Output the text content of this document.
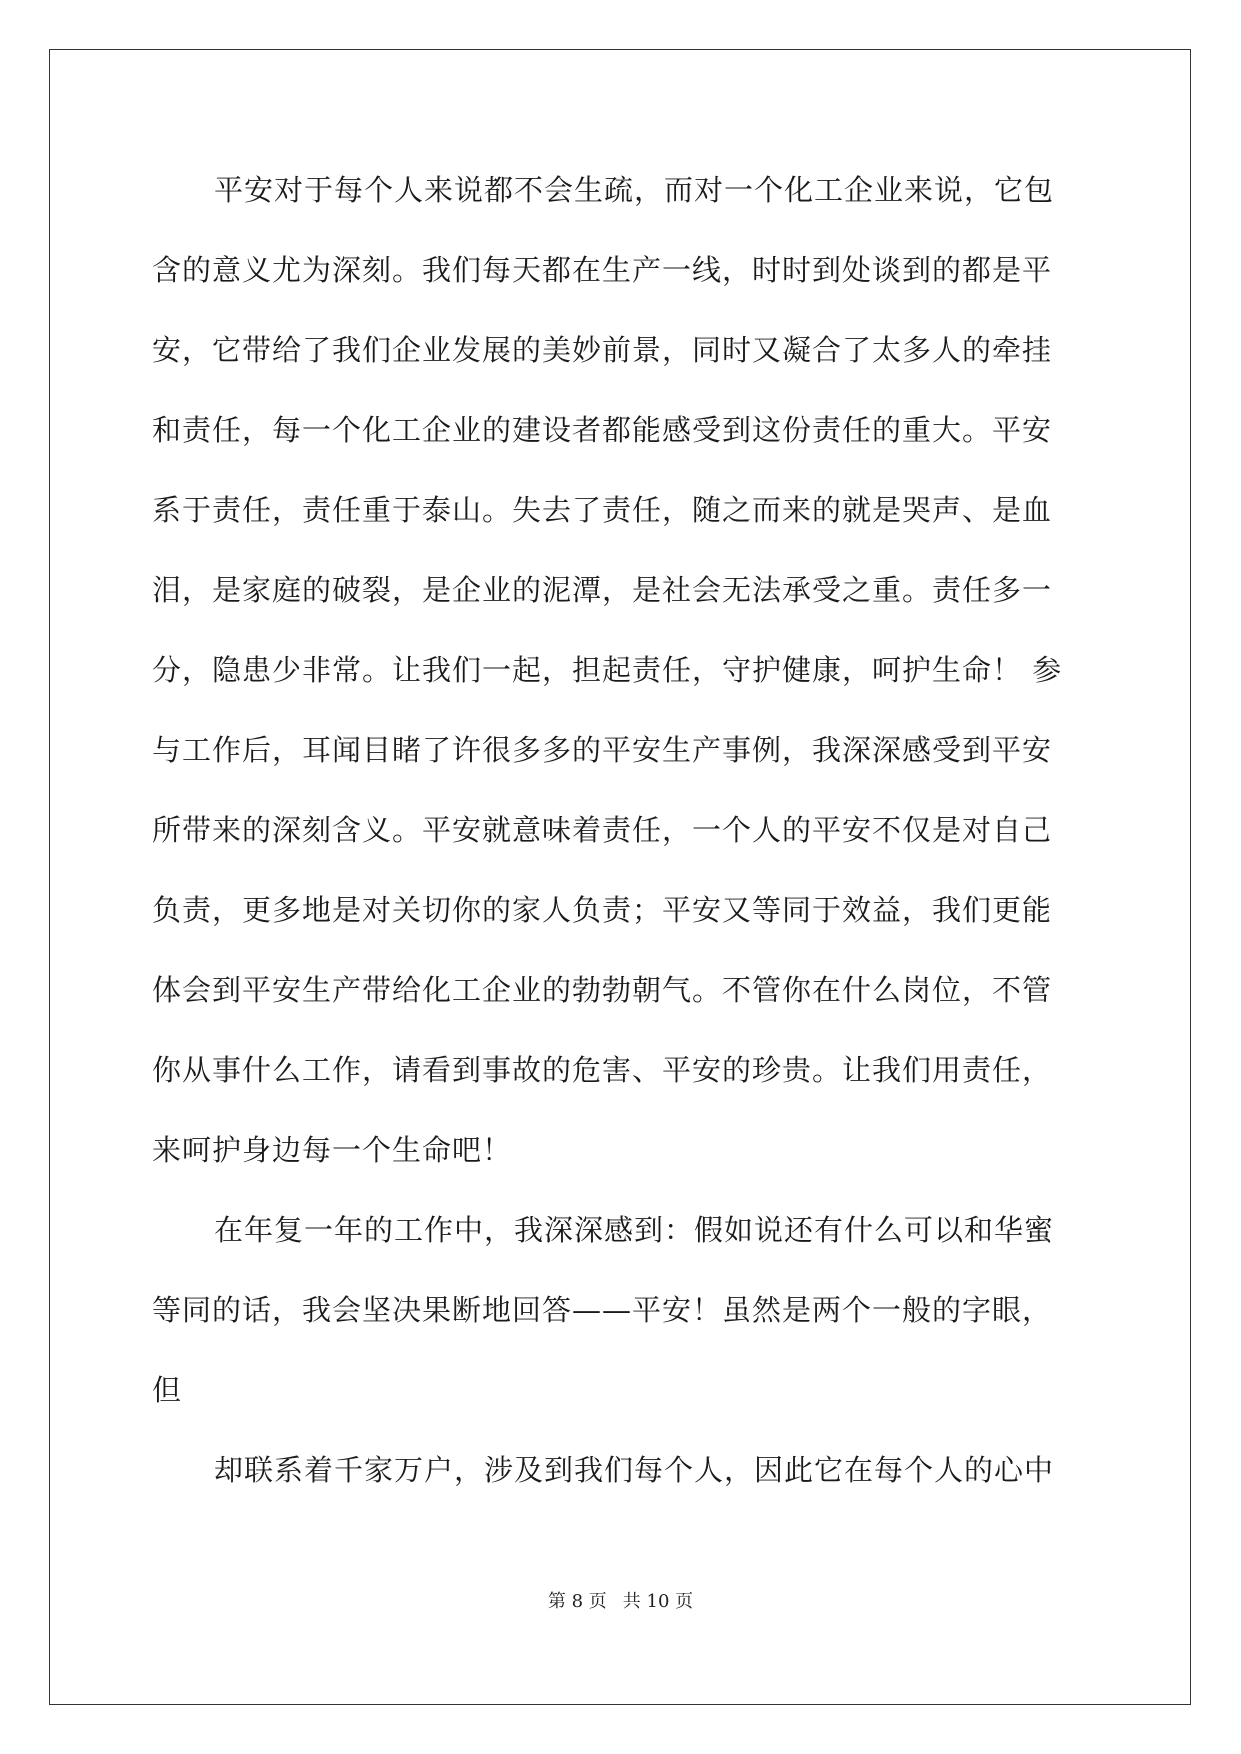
平安对于每个人来说都不会生疏，而对一个化工企业来说，它包
含的意义尤为深刻。我们每天都在生产一线，时时到处谈到的都是平
安，它带给了我们企业发展的美妙前景，同时又凝合了太多人的牵挂
和责任，每一个化工企业的建设者都能感受到这份责任的重大。平安
系于责任，责任重于泰山。失去了责任，随之而来的就是哭声、是血
泪，是家庭的破裂，是企业的泥潭，是社会无法承受之重。责任多一
分，隐患少非常。让我们一起，担起责任，守护健康，呵护生命！ 参
与工作后，耳闻目睹了许很多多的平安生产事例，我深深感受到平安
所带来的深刻含义。平安就意味着责任，一个人的平安不仅是对自己
负责，更多地是对关切你的家人负责；平安又等同于效益，我们更能
体会到平安生产带给化工企业的勃勃朝气。不管你在什么岗位，不管
你从事什么工作，请看到事故的危害、平安的珍贵。让我们用责任，
来呵护身边每一个生命吧！
在年复一年的工作中，我深深感到：假如说还有什么可以和华蜜
等同的话，我会坚决果断地回答——平安！虽然是两个一般的字眼，
但
却联系着千家万户，涉及到我们每个人，因此它在每个人的心中
第 8 页 共 10 页
